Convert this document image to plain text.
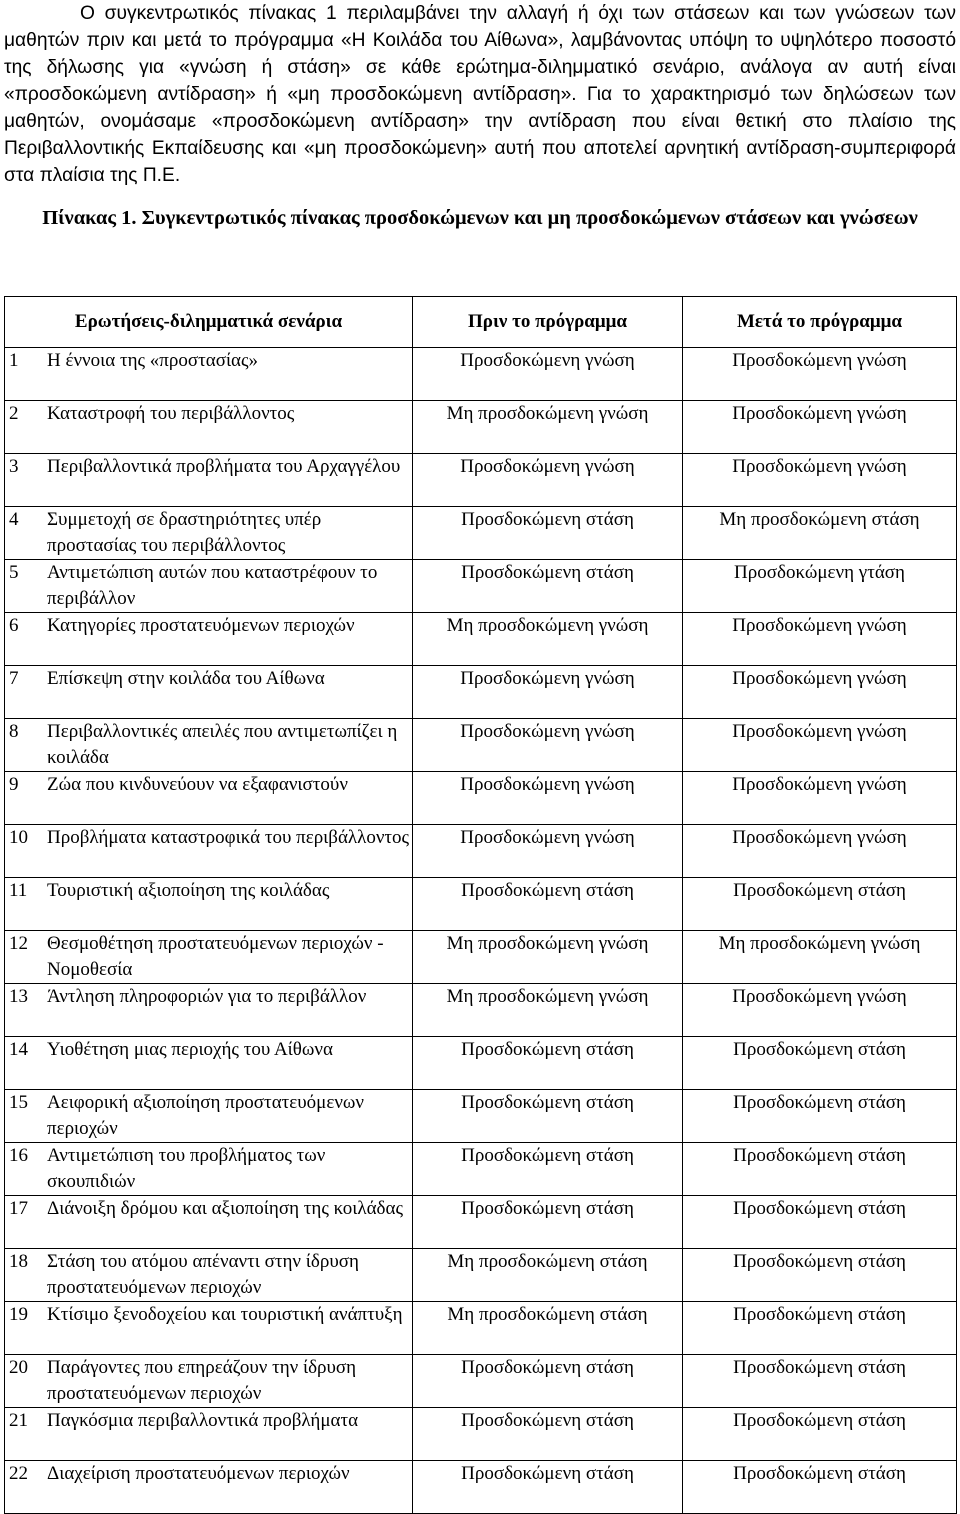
Ο συγκεντρωτικός πίνακας 1 περιλαμβάνει την αλλαγή ή όχι των στάσεων και των γνώσεων των μαθητών πριν και μετά το πρόγραμμα «Η Κοιλάδα του Αίθωνα», λαμβάνοντας υπόψη το υψηλότερο ποσοστό της δήλωσης για «γνώση ή στάση» σε κάθε ερώτημα-διλημματικό σενάριο, ανάλογα αν αυτή είναι «προσδοκώμενη αντίδραση» ή «μη προσδοκώμενη αντίδραση». Για το χαρακτηρισμό των δηλώσεων των μαθητών, ονομάσαμε «προσδοκώμενη αντίδραση» την αντίδραση που είναι θετική στο πλαίσιο της Περιβαλλοντικής Εκπαίδευσης και «μη προσδοκώμενη» αυτή που αποτελεί αρνητική αντίδραση-συμπεριφορά στα πλαίσια της Π.Ε.

Πίνακας 1. Συγκεντρωτικός πίνακας προσδοκώμενων και μη προσδοκώμενων στάσεων και γνώσεων
Ερωτήσεις-διλημματικά σενάρια		Πριν το πρόγραμμα	Μετά το πρόγραμμα
1	Η έννοια της «προστασίας»	Προσδοκώμενη γνώση	Προσδοκώμενη γνώση
2	Καταστροφή του περιβάλλοντος	Μη προσδοκώμενη γνώση	Προσδοκώμενη γνώση
3	Περιβαλλοντικά προβλήματα του Αρχαγγέλου	Προσδοκώμενη γνώση	Προσδοκώμενη γνώση
4	Συμμετοχή σε δραστηριότητες υπέρ προστασίας του περιβάλλοντος	Προσδοκώμενη στάση	Μη προσδοκώμενη στάση
5	Αντιμετώπιση αυτών που καταστρέφουν το περιβάλλον	Προσδοκώμενη στάση	Προσδοκώμενη γτάση
6	Κατηγορίες προστατευόμενων περιοχών	Μη προσδοκώμενη γνώση	Προσδοκώμενη γνώση
7	Επίσκεψη στην κοιλάδα του Αίθωνα	Προσδοκώμενη γνώση	Προσδοκώμενη γνώση
8	Περιβαλλοντικές απειλές που αντιμετωπίζει η κοιλάδα	Προσδοκώμενη γνώση	Προσδοκώμενη γνώση
9	Ζώα που κινδυνεύουν να εξαφανιστούν	Προσδοκώμενη γνώση	Προσδοκώμενη γνώση
10	Προβλήματα καταστροφικά του περιβάλλοντος	Προσδοκώμενη γνώση	Προσδοκώμενη γνώση
11	Τουριστική αξιοποίηση της κοιλάδας	Προσδοκώμενη στάση	Προσδοκώμενη στάση
12	Θεσμοθέτηση προστατευόμενων περιοχών - Νομοθεσία	Μη προσδοκώμενη γνώση	Μη προσδοκώμενη γνώση
13	Άντληση πληροφοριών για το περιβάλλον	Μη προσδοκώμενη γνώση	Προσδοκώμενη γνώση
14	Υιοθέτηση μιας περιοχής του Αίθωνα	Προσδοκώμενη στάση	Προσδοκώμενη στάση
15	Αειφορική αξιοποίηση προστατευόμενων περιοχών	Προσδοκώμενη στάση	Προσδοκώμενη στάση
16	Αντιμετώπιση του προβλήματος των σκουπιδιών	Προσδοκώμενη στάση	Προσδοκώμενη στάση
17	Διάνοιξη δρόμου και αξιοποίηση της κοιλάδας	Προσδοκώμενη στάση	Προσδοκώμενη στάση
18	Στάση του ατόμου απέναντι στην ίδρυση προστατευόμενων περιοχών	Μη προσδοκώμενη στάση	Προσδοκώμενη στάση
19	Κτίσιμο ξενοδοχείου και τουριστική ανάπτυξη	Μη προσδοκώμενη στάση	Προσδοκώμενη στάση
20	Παράγοντες που επηρεάζουν την ίδρυση προστατευόμενων περιοχών	Προσδοκώμενη στάση	Προσδοκώμενη στάση
21	Παγκόσμια περιβαλλοντικά προβλήματα	Προσδοκώμενη στάση	Προσδοκώμενη στάση
22	Διαχείριση προστατευόμενων περιοχών	Προσδοκώμενη στάση	Προσδοκώμενη στάση
